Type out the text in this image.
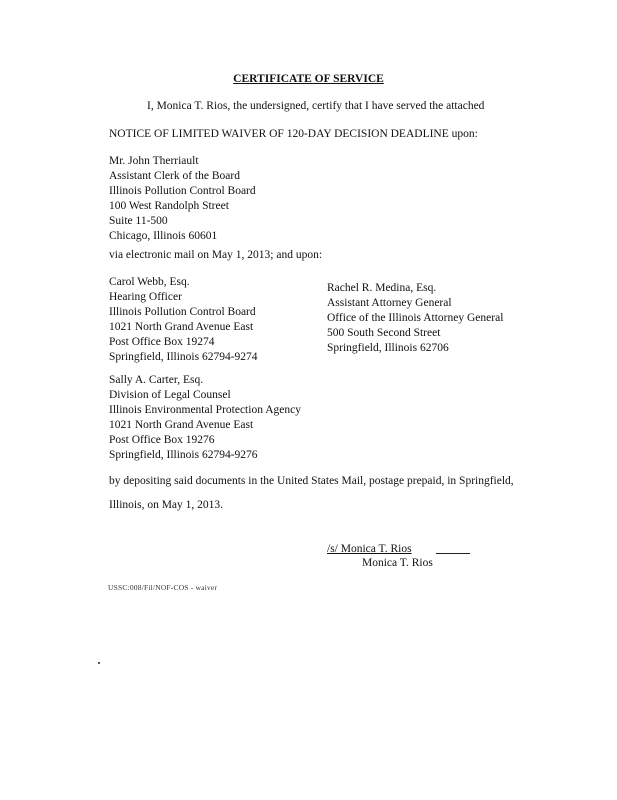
CERTIFICATE OF SERVICE
I, Monica T. Rios, the undersigned, certify that I have served the attached
NOTICE OF LIMITED WAIVER OF 120-DAY DECISION DEADLINE upon:
Mr. John Therriault
Assistant Clerk of the Board
Illinois Pollution Control Board
100 West Randolph Street
Suite 11-500
Chicago, Illinois 60601
via electronic mail on May 1, 2013; and upon:
Carol Webb, Esq.
Hearing Officer
Illinois Pollution Control Board
1021 North Grand Avenue East
Post Office Box 19274
Springfield, Illinois 62794-9274
Rachel R. Medina, Esq.
Assistant Attorney General
Office of the Illinois Attorney General
500 South Second Street
Springfield, Illinois 62706
Sally A. Carter, Esq.
Division of Legal Counsel
Illinois Environmental Protection Agency
1021 North Grand Avenue East
Post Office Box 19276
Springfield, Illinois 62794-9276
by depositing said documents in the United States Mail, postage prepaid, in Springfield,
Illinois, on May 1, 2013.
/s/ Monica T. Rios
Monica T. Rios
USSC:008/Fil/NOF-COS - waiver
